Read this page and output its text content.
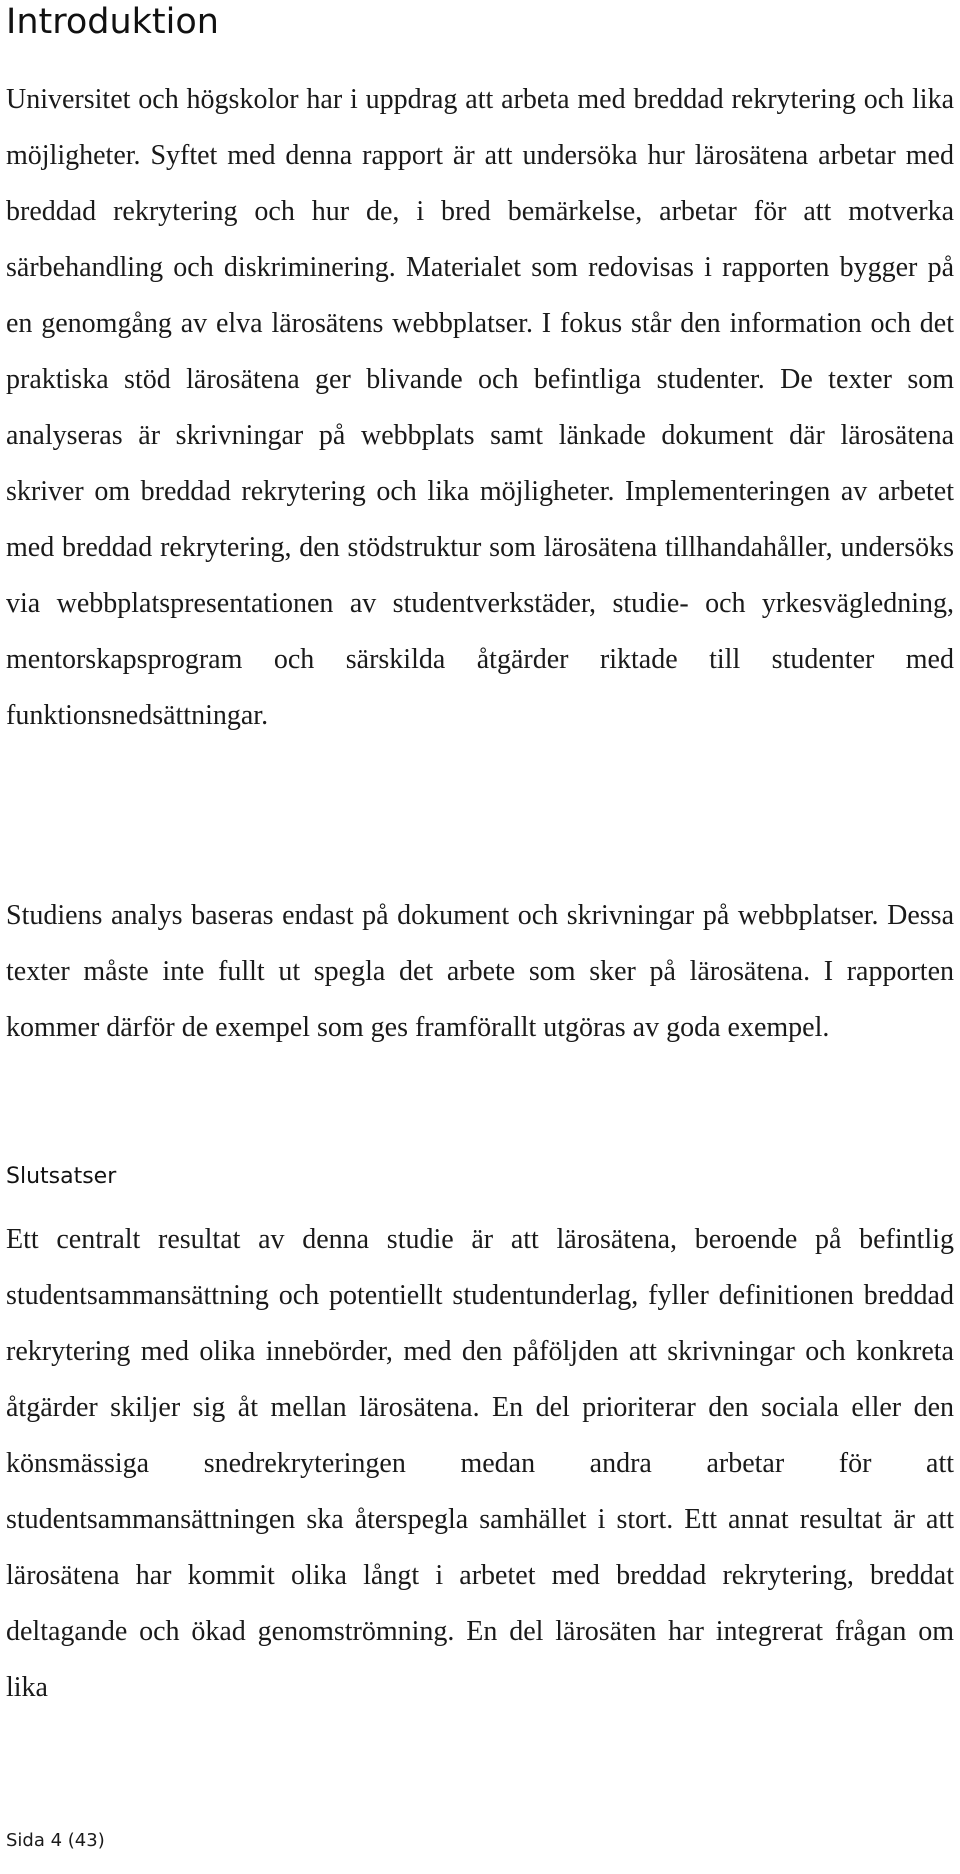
Introduktion

Universitet och högskolor har i uppdrag att arbeta med breddad rekrytering och lika möjligheter. Syftet med denna rapport är att undersöka hur lärosätena arbetar med breddad rekrytering och hur de, i bred bemärkelse, arbetar för att motverka särbehandling och diskriminering. Materialet som redovisas i rapporten bygger på en genomgång av elva lärosätens webbplatser. I fokus står den information och det praktiska stöd lärosätena ger blivande och befintliga studenter. De texter som analyseras är skrivningar på webbplats samt länkade dokument där lärosätena skriver om breddad rekrytering och lika möjligheter. Implementeringen av arbetet med breddad rekrytering, den stödstruktur som lärosätena tillhandahåller, undersöks via webbplatspresentationen av studentverkstäder, studie- och yrkesvägledning, mentorskapsprogram och särskilda åtgärder riktade till studenter med funktionsnedsättningar.

Studiens analys baseras endast på dokument och skrivningar på webbplatser. Dessa texter måste inte fullt ut spegla det arbete som sker på lärosätena. I rapporten kommer därför de exempel som ges framförallt utgöras av goda exempel.

Slutsatser

Ett centralt resultat av denna studie är att lärosätena, beroende på befintlig studentsammansättning och potentiellt studentunderlag, fyller definitionen breddad rekrytering med olika innebörder, med den påföljden att skrivningar och konkreta åtgärder skiljer sig åt mellan lärosätena. En del prioriterar den sociala eller den könsmässiga snedrekryteringen medan andra arbetar för att studentsammansättningen ska återspegla samhället i stort. Ett annat resultat är att lärosätena har kommit olika långt i arbetet med breddad rekrytering, breddat deltagande och ökad genomströmning. En del lärosäten har integrerat frågan om lika

Sida 4 (43)
